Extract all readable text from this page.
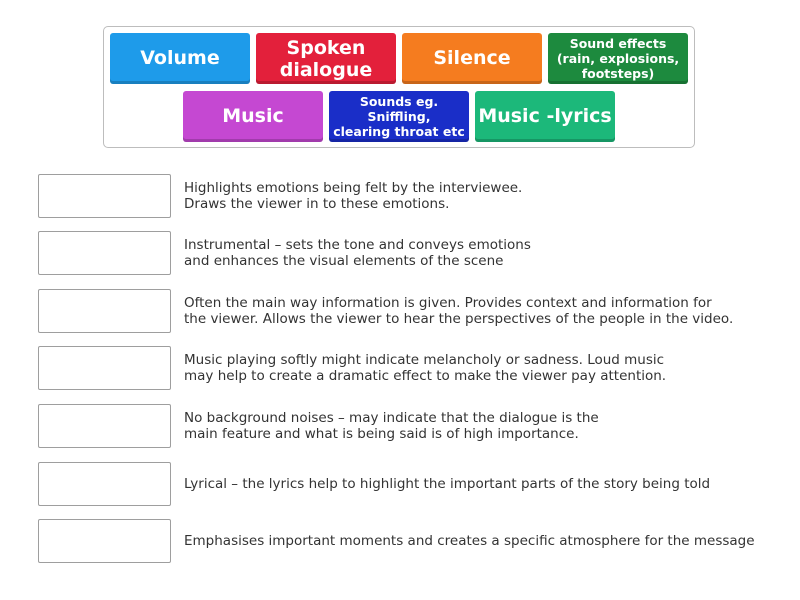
Volume	Spoken
dialogue
Silence
Sound effects
(rain, explosions,
footsteps)
Music
Sounds eg. Sniffling,
clearing throat etc
Music -lyrics
Highlights emotions being felt by the interviewee.
Draws the viewer in to these emotions.
Instrumental – sets the tone and conveys emotions
and enhances the visual elements of the scene
Often the main way information is given. Provides context and information for
the viewer. Allows the viewer to hear the perspectives of the people in the video.
Music playing softly might indicate melancholy or sadness. Loud music
may help to create a dramatic effect to make the viewer pay attention.
No background noises – may indicate that the dialogue is the
main feature and what is being said is of high importance.
Lyrical – the lyrics help to highlight the important parts of the story being told
Emphasises important moments and creates a specific atmosphere for the message
